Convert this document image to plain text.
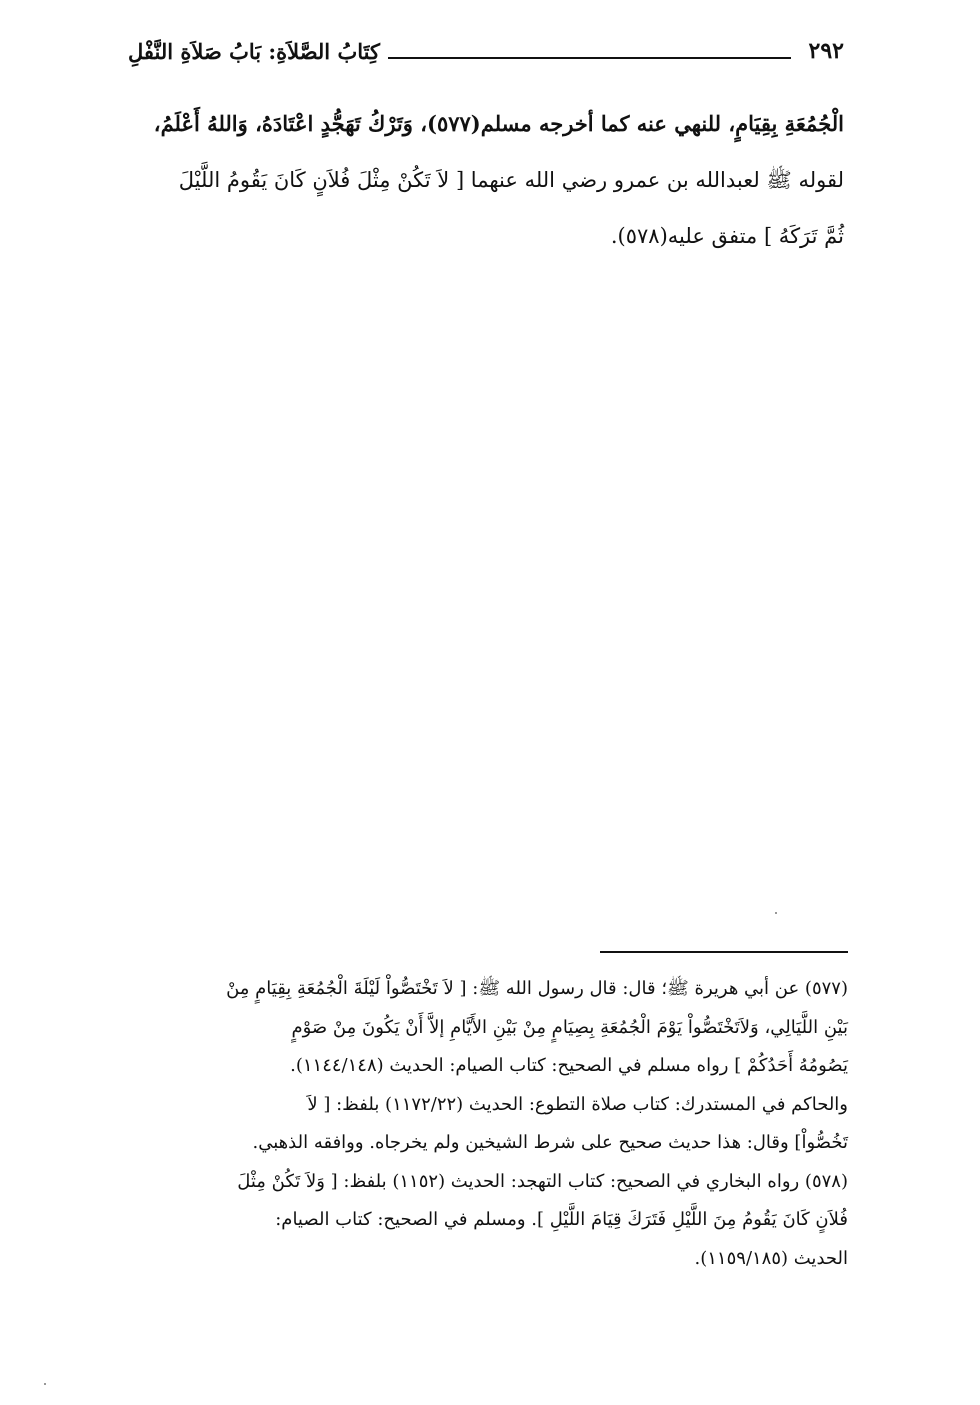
٢٩٢
كِتَابُ الصَّلاَةِ: بَابُ صَلاَةِ النَّفْلِ
الْجُمُعَةِ بِقِيَامٍ، للنهي عنه كما أخرجه مسلم(٥٧٧)، وَتَرْكُ تَهَجُّدٍ اعْتَادَهُ، وَاللهُ أَعْلَمُ،
لقوله ﷺ لعبدالله بن عمرو رضي الله عنهما [ لاَ تَكُنْ مِثْلَ فُلاَنٍ كَانَ يَقُومُ اللَّيْلَ
ثُمَّ تَرَكَهُ ] متفق عليه(٥٧٨).
(٥٧٧) عن أبي هريرة ﷺ؛ قال: قال رسول الله ﷺ: [ لاَ تَخْتَصُّواْ لَيْلَةَ الْجُمُعَةِ بِقِيَامٍ مِنْ
بَيْنِ اللَّيَالِي، وَلاَتَخْتَصُّواْ يَوْمَ الْجُمُعَةِ بِصِيَامٍ مِنْ بَيْنِ الأَيَّامِ إلاَّ أَنْ يَكُونَ مِنْ صَوْمٍ
يَصُومُهُ أَحَدُكُمْ ] رواه مسلم في الصحيح: كتاب الصيام: الحديث (١١٤٤/١٤٨).
والحاكم في المستدرك: كتاب صلاة التطوع: الحديث (١١٧٢/٢٢) بلفظ: [ لاَ
تَخُصُّواْ] وقال: هذا حديث صحيح على شرط الشيخين ولم يخرجاه. ووافقه الذهبي.
(٥٧٨) رواه البخاري في الصحيح: كتاب التهجد: الحديث (١١٥٢) بلفظ: [ وَلاَ تَكُنْ مِثْلَ
فُلاَنٍ كَانَ يَقُومُ مِنَ اللَّيْلِ فَتَرَكَ قِيَامَ اللَّيْلِ ]. ومسلم في الصحيح: كتاب الصيام:
الحديث (١١٥٩/١٨٥).
